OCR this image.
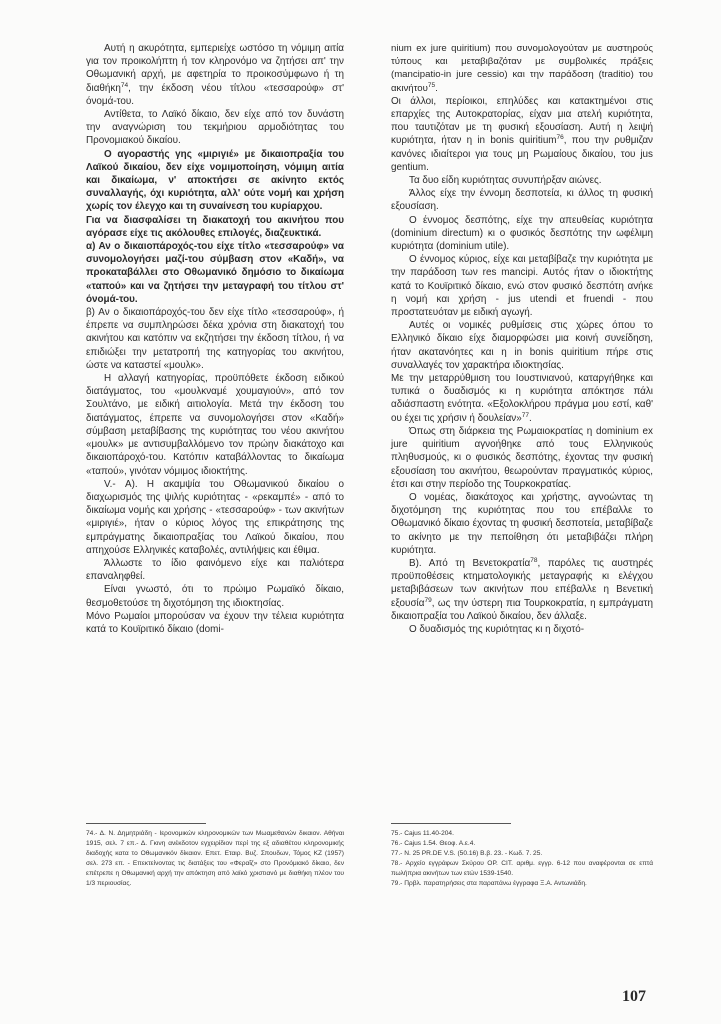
Αυτή η ακυρότητα, εμπεριείχε ωστόσο τη νόμιμη αιτία για τον προικολήπτη ή τον κληρονόμο να ζητήσει απ' την Οθωμανική αρχή, με αφετηρία το προικοσύμφωνο ή τη διαθήκη$^{74}$, την έκδοση νέου τίτλου «τεσσαρούφ» στ' όνομά-του.

Αντίθετα, το Λαϊκό δίκαιο, δεν είχε από τον δυνάστη την αναγνώριση του τεκμήριου αρμοδιότητας του Προνομιακού δικαίου.

Ο αγοραστής γης «μιριγιέ» με δικαιοπραξία του Λαϊκού δικαίου, δεν είχε νομιμοποίηση, νόμιμη αιτία και δικαίωμα, ν' αποκτήσει σε ακίνητο εκτός συναλλαγής, όχι κυριότητα, αλλ' ούτε νομή και χρήση χωρίς τον έλεγχο και τη συναίνεση του κυρίαρχου.

Για να διασφαλίσει τη διακατοχή του ακινήτου που αγόρασε είχε τις ακόλουθες επιλογές, διαζευκτικά.

α) Αν ο δικαιοπάροχός-του είχε τίτλο «τεσσαρούφ» να συνομολογήσει μαζί-του σύμβαση στον «Καδή», να προκαταβάλλει στο Οθωμανικό δημόσιο το δικαίωμα «ταπού» και να ζητήσει την μεταγραφή του τίτλου στ' όνομά-του.

β) Αν ο δικαιοπάροχός-του δεν είχε τίτλο «τεσσαρούφ», ή έπρεπε να συμπληρώσει δέκα χρόνια στη διακατοχή του ακινήτου και κατόπιν να εκζητήσει την έκδοση τίτλου, ή να επιδιώξει την μετατροπή της κατηγορίας του ακινήτου, ώστε να καταστεί «μουλκ».

Η αλλαγή κατηγορίας, προϋπόθετε έκδοση ειδικού διατάγματος, του «μουλκναμέ χουμαγιούν», από τον Σουλτάνο, με ειδική αιτιολογία. Μετά την έκδοση του διατάγματος, έπρεπε να συνομολογήσει στον «Καδή» σύμβαση μεταβίβασης της κυριότητας του νέου ακινήτου «μουλκ» με αντισυμβαλλόμενο τον πρώην διακάτοχο και δικαιοπάροχό-του. Κατόπιν καταβάλλοντας το δικαίωμα «ταπού», γινόταν νόμιμος ιδιοκτήτης.

V.- Α). Η ακαμψία του Οθωμανικού δικαίου ο διαχωρισμός της ψιλής κυριότητας - «ρεκαμπέ» - από το δικαίωμα νομής και χρήσης - «τεσσαρούφ» - των ακινήτων «μιριγιέ», ήταν ο κύριος λόγος της επικράτησης της εμπράγματης δικαιοπραξίας του Λαϊκού δικαίου, που απηχούσε Ελληνικές καταβολές, αντιλήψεις και έθιμα.

Άλλωστε το ίδιο φαινόμενο είχε και παλιότερα επαναληφθεί.

Είναι γνωστό, ότι το πρώιμο Ρωμαϊκό δίκαιο, θεσμοθετούσε τη διχοτόμηση της ιδιοκτησίας.

Μόνο Ρωμαίοι μπορούσαν να έχουν την τέλεια κυριότητα κατά το Κουϊριτικό δίκαιο (domi-

nium ex jure quiritium) που συνομολογούταν με αυστηρούς τύπους και μεταβιβαζόταν με συμβολικές πράξεις (mancipatio-in jure cessio) και την παράδοση (traditio) του ακινήτου$^{75}$.

Οι άλλοι, περίοικοι, επηλύδες και κατακτημένοι στις επαρχίες της Αυτοκρατορίας, είχαν μια ατελή κυριότητα, που ταυτιζόταν με τη φυσική εξουσίαση. Αυτή η λειψή κυριότητα, ήταν η in bonis quiritium$^{76}$, που την ρυθμιζαν κανόνες ιδιαίτεροι για τους μη Ρωμαίους δικαίου, του jus gentium.

Τα δυο είδη κυριότητας συνυπήρξαν αιώνες.

Άλλος είχε την έννομη δεσποτεία, κι άλλος τη φυσική εξουσίαση.

Ο έννομος δεσπότης, είχε την απευθείας κυριότητα (dominium directum) κι ο φυσικός δεσπότης την ωφέλιμη κυριότητα (dominium utile).

Ο έννομος κύριος, είχε και μεταβίβαζε την κυριότητα με την παράδοση των res mancipi. Αυτός ήταν ο ιδιοκτήτης κατά το Κουϊριτικό δίκαιο, ενώ στον φυσικό δεσπότη ανήκε η νομή και χρήση - jus utendi et fruendi - που προστατευόταν με ειδική αγωγή.

Αυτές οι νομικές ρυθμίσεις στις χώρες όπου το Ελληνικό δίκαιο είχε διαμορφώσει μια κοινή συνείδηση, ήταν ακατανόητες και η in bonis quiritium πήρε στις συναλλαγές τον χαρακτήρα ιδιοκτησίας.

Με την μεταρρύθμιση του Ιουστινιανού, καταργήθηκε και τυπικά ο δυαδισμός κι η κυριότητα απόκτησε πάλι αδιάσπαστη ενότητα. «Εξολοκλήρου πράγμα μου εστί, καθ' ου έχει τις χρήσιν ή δουλείαν»$^{77}$.

Όπως στη διάρκεια της Ρωμαιοκρατίας η dominium ex jure quiritium αγνοήθηκε από τους Ελληνικούς πληθυσμούς, κι ο φυσικός δεσπότης, έχοντας την φυσική εξουσίαση του ακινήτου, θεωρούνταν πραγματικός κύριος, έτσι και στην περίοδο της Τουρκοκρατίας.

Ο νομέας, διακάτοχος και χρήστης, αγνοώντας τη διχοτόμηση της κυριότητας που του επέβαλλε το Οθωμανικό δίκαιο έχοντας τη φυσική δεσποτεία, μεταβίβαζε το ακίνητο με την πεποίθηση ότι μεταβιβάζει πλήρη κυριότητα.

Β). Από τη Βενετοκρατία$^{78}$, παρόλες τις αυστηρές προϋποθέσεις κτηματολογικής μεταγραφής κι ελέγχου μεταβιβάσεων των ακινήτων που επέβαλλε η Βενετική εξουσία$^{79}$, ως την ύστερη πια Τουρκοκρατία, η εμπράγματη δικαιοπραξία του Λαϊκού δικαίου, δεν άλλαξε.

Ο δυαδισμός της κυριότητας κι η διχοτό-

74.- Δ. Ν. Δημητριάδη - Ιερονομικών κληρονομικών των Μωαμεθανών δικαιον. Αθήναι 1915, σελ. 7 επ.- Δ. Γκινη ανέκδοτον εγχειρίδιον περί της εξ αδιαθέτου κληρονομικής διαδοχής κατα το Οθωμανικόν δίκαιον. Επετ. Εταιρ. Βυζ. Σπουδων, Τόμος ΚΖ (1957) σελ. 273 επ. - Επεκτείνοντας τις διατάξεις του «Φεραΐζ» στο Προνόμιακό δίκαιο, δεν επέτρεπε η Οθωμανική αρχή την απόκτηση από λαϊκό χριστιανό με διαθήκη πλέον του 1/3 περιουσίας.

75.- Cajus 11.40-204.

76.- Cajus 1.54. Θεοφ. Α.ε.4.

77.- Ν. 25 PR.DE V.S. (50.16) Β.β. 23. - Κωδ. 7. 25.

78.- Αρχείο εγγράφων Σκύρου ΟΡ. CIT. αριθμ. εγγρ. 6-12 που αναφέρονται σε επτά πωλήπρια ακινήτων των ετών 1539-1540.

79.- Πρβλ. παρατηρήσεις στα παραπάνω έγγραφα Ξ.Α. Αντωνιάδη.

107
